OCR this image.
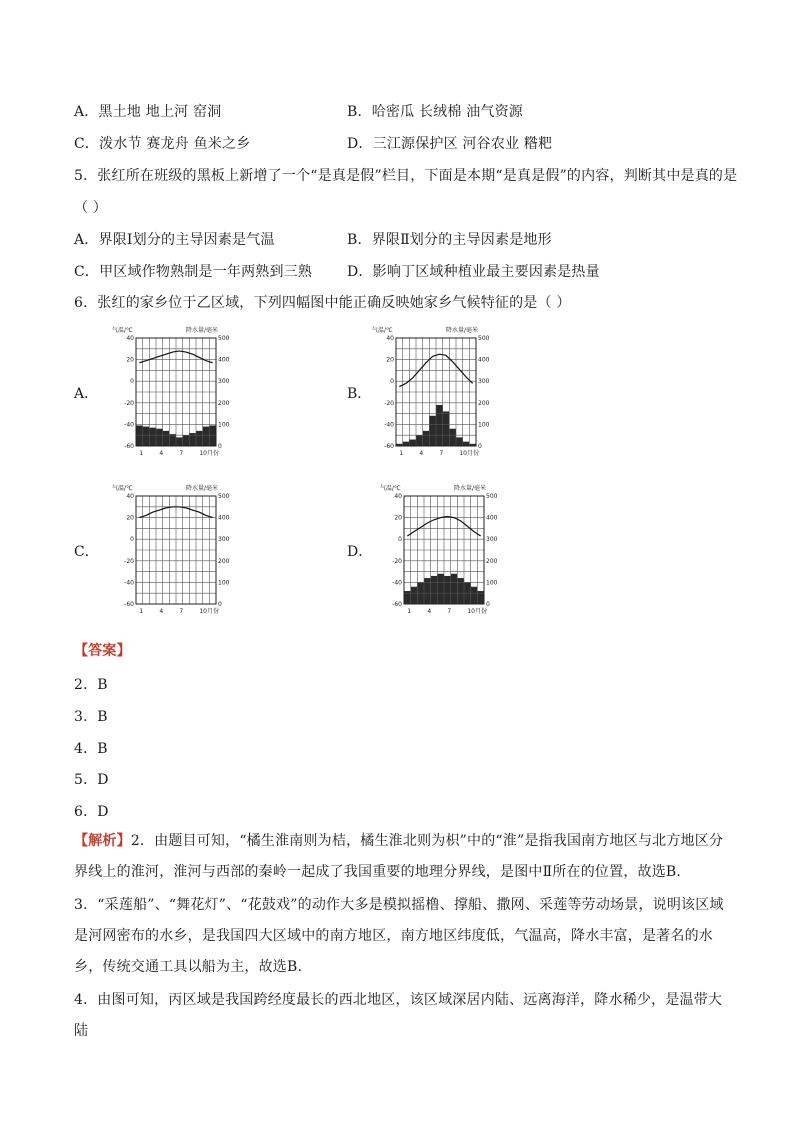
A．黑土地 地上河 窑洞	B．哈密瓜 长绒棉 油气资源
C．泼水节 赛龙舟 鱼米之乡	D．三江源保护区 河谷农业 糌粑
5．张红所在班级的黑板上新增了一个“是真是假”栏目，下面是本期“是真是假”的内容，判断其中是真的是
（ ）
A．界限Ⅰ划分的主导因素是气温	B．界限Ⅱ划分的主导因素是地形
C．甲区域作物熟制是一年两熟到三熟 D．影响丁区域种植业最主要因素是热量
6．张红的家乡位于乙区域，下列四幅图中能正确反映她家乡气候特征的是（ ）
A．	B．
C．	D．
气温/℃	降水量/毫米
40
20
0
-20
-40
-60
500
400
300
200
100
0
1	4	7	10月份
气温/℃	降水量/毫米
40
20
0
-20
-40
-60
500
400
300
200
100
0
1	4	7	10月份
气温/℃	降水量/毫米
40
20
0
-20
-40
-60
500
400
300
200
100
0
1	4	7	10月份
气温/℃	降水量/毫米
40
20
0
-20
-40
-60
500
400
300
200
100
0
1	4	7	10月份
【答案】
2．B
3．B
4．B
5．D
6．D
【解析】2．由题目可知，“橘生淮南则为桔，橘生淮北则为枳”中的“淮”是指我国南方地区与北方地区分界线上的淮河，淮河与西部的秦岭一起成了我国重要的地理分界线，是图中Ⅱ所在的位置，故选B.
3．“采莲船”、“舞花灯”、“花鼓戏”的动作大多是模拟摇橹、撑船、撒网、采莲等劳动场景，说明该区域是河网密布的水乡，是我国四大区域中的南方地区，南方地区纬度低，气温高，降水丰富，是著名的水乡，传统交通工具以船为主，故选B.
4．由图可知，丙区域是我国跨经度最长的西北地区，该区域深居内陆、远离海洋，降水稀少，是温带大陆
